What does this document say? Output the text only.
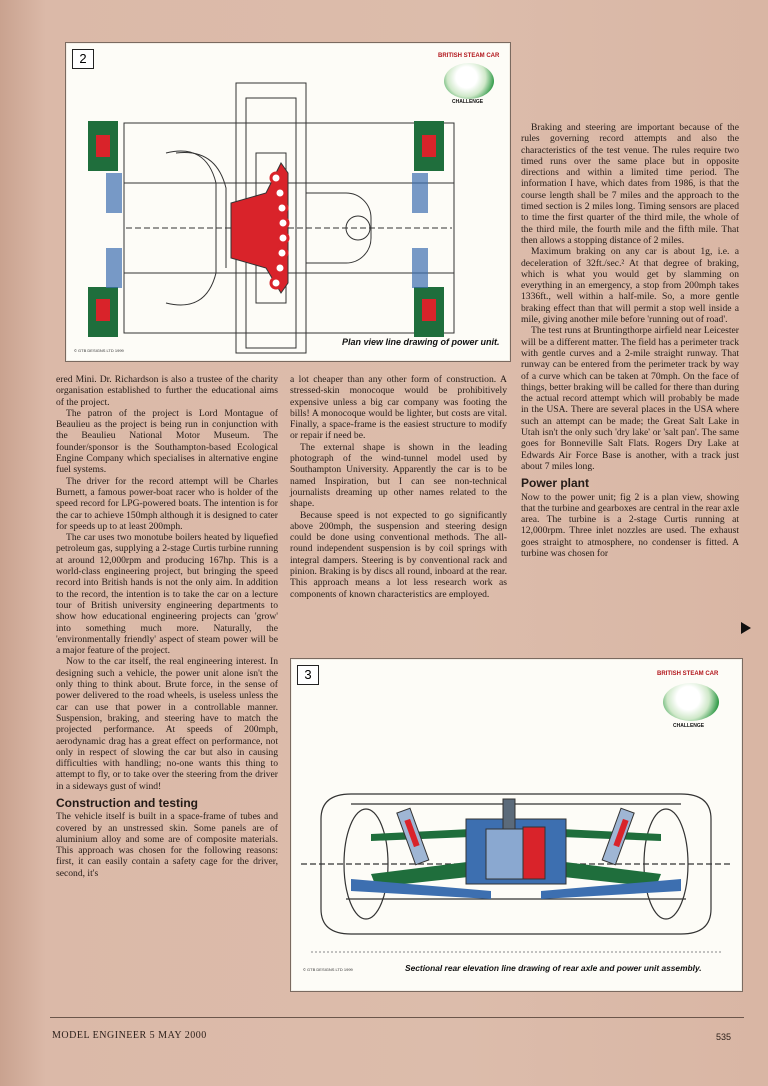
2	BRITISH STEAM CAR
CHALLENGE
© GTB DESIGNS LTD 1999
Plan view line drawing of power unit.

ered Mini. Dr. Richardson is also a trustee of the charity organisation established to further the educational aims of the project.

The patron of the project is Lord Montague of Beaulieu as the project is being run in conjunction with the Beaulieu National Motor Museum. The founder/sponsor is the Southampton-based Ecological Engine Company which specialises in alternative engine fuel systems.

The driver for the record attempt will be Charles Burnett, a famous power-boat racer who is holder of the speed record for LPG-powered boats. The intention is for the car to achieve 150mph although it is designed to cater for speeds up to at least 200mph.

The car uses two monotube boilers heated by liquefied petroleum gas, supplying a 2-stage Curtis turbine running at around 12,000rpm and producing 167hp. This is a world-class engineering project, but bringing the speed record into British hands is not the only aim. In addition to the record, the intention is to take the car on a lecture tour of British university engineering departments to show how educational engineering projects can 'grow' into something much more. Naturally, the 'environmentally friendly' aspect of steam power will be a major feature of the project.

Now to the car itself, the real engineering interest. In designing such a vehicle, the power unit alone isn't the only thing to think about. Brute force, in the sense of power delivered to the road wheels, is useless unless the car can use that power in a controllable manner. Suspension, braking, and steering have to match the projected performance. At speeds of 200mph, aerodynamic drag has a great effect on performance, not only in respect of slowing the car but also in causing difficulties with handling; no-one wants this thing to attempt to fly, or to take over the steering from the driver in a sideways gust of wind!

Construction and testing

The vehicle itself is built in a space-frame of tubes and covered by an unstressed skin. Some panels are of aluminium alloy and some are of composite materials. This approach was chosen for the following reasons: first, it can easily contain a safety cage for the driver, second, it's

a lot cheaper than any other form of construction. A stressed-skin monocoque would be prohibitively expensive unless a big car company was footing the bills! A monocoque would be lighter, but costs are vital. Finally, a space-frame is the easiest structure to modify or repair if need be.

The external shape is shown in the leading photograph of the wind-tunnel model used by Southampton University. Apparently the car is to be named Inspiration, but I can see non-technical journalists dreaming up other names related to the shape.

Because speed is not expected to go significantly above 200mph, the suspension and steering design could be done using conventional methods. The all-round independent suspension is by coil springs with integral dampers. Steering is by conventional rack and pinion. Braking is by discs all round, inboard at the rear. This approach means a lot less research work as components of known characteristics are employed.

Braking and steering are important because of the rules governing record attempts and also the characteristics of the test venue. The rules require two timed runs over the same place but in opposite directions and within a limited time period. The information I have, which dates from 1986, is that the course length shall be 7 miles and the approach to the timed section is 2 miles long. Timing sensors are placed to time the first quarter of the third mile, the whole of the third mile, the fourth mile and the fifth mile. That then allows a stopping distance of 2 miles.

Maximum braking on any car is about 1g, i.e. a deceleration of 32ft./sec.² At that degree of braking, which is what you would get by slamming on everything in an emergency, a stop from 200mph takes 1336ft., well within a half-mile. So, a more gentle braking effect than that will permit a stop well inside a mile, giving another mile before 'running out of road'.

The test runs at Bruntingthorpe airfield near Leicester will be a different matter. The field has a perimeter track with gentle curves and a 2-mile straight runway. That runway can be entered from the perimeter track by way of a curve which can be taken at 70mph. On the face of things, better braking will be called for there than during the actual record attempt which will probably be made in the USA. There are several places in the USA where such an attempt can be made; the Great Salt Lake in Utah isn't the only such 'dry lake' or 'salt pan'. The same goes for Bonneville Salt Flats. Rogers Dry Lake at Edwards Air Force Base is another, with a track just about 7 miles long.

Power plant

Now to the power unit; fig 2 is a plan view, showing that the turbine and gearboxes are central in the rear axle area. The turbine is a 2-stage Curtis running at 12,000rpm. Three inlet nozzles are used. The exhaust goes straight to atmosphere, no condenser is fitted. A turbine was chosen for

3	BRITISH STEAM CAR
CHALLENGE
© GTB DESIGNS LTD 1999	Sectional rear elevation line drawing of rear axle and power unit assembly.
MODEL ENGINEER 5 MAY 2000	535
